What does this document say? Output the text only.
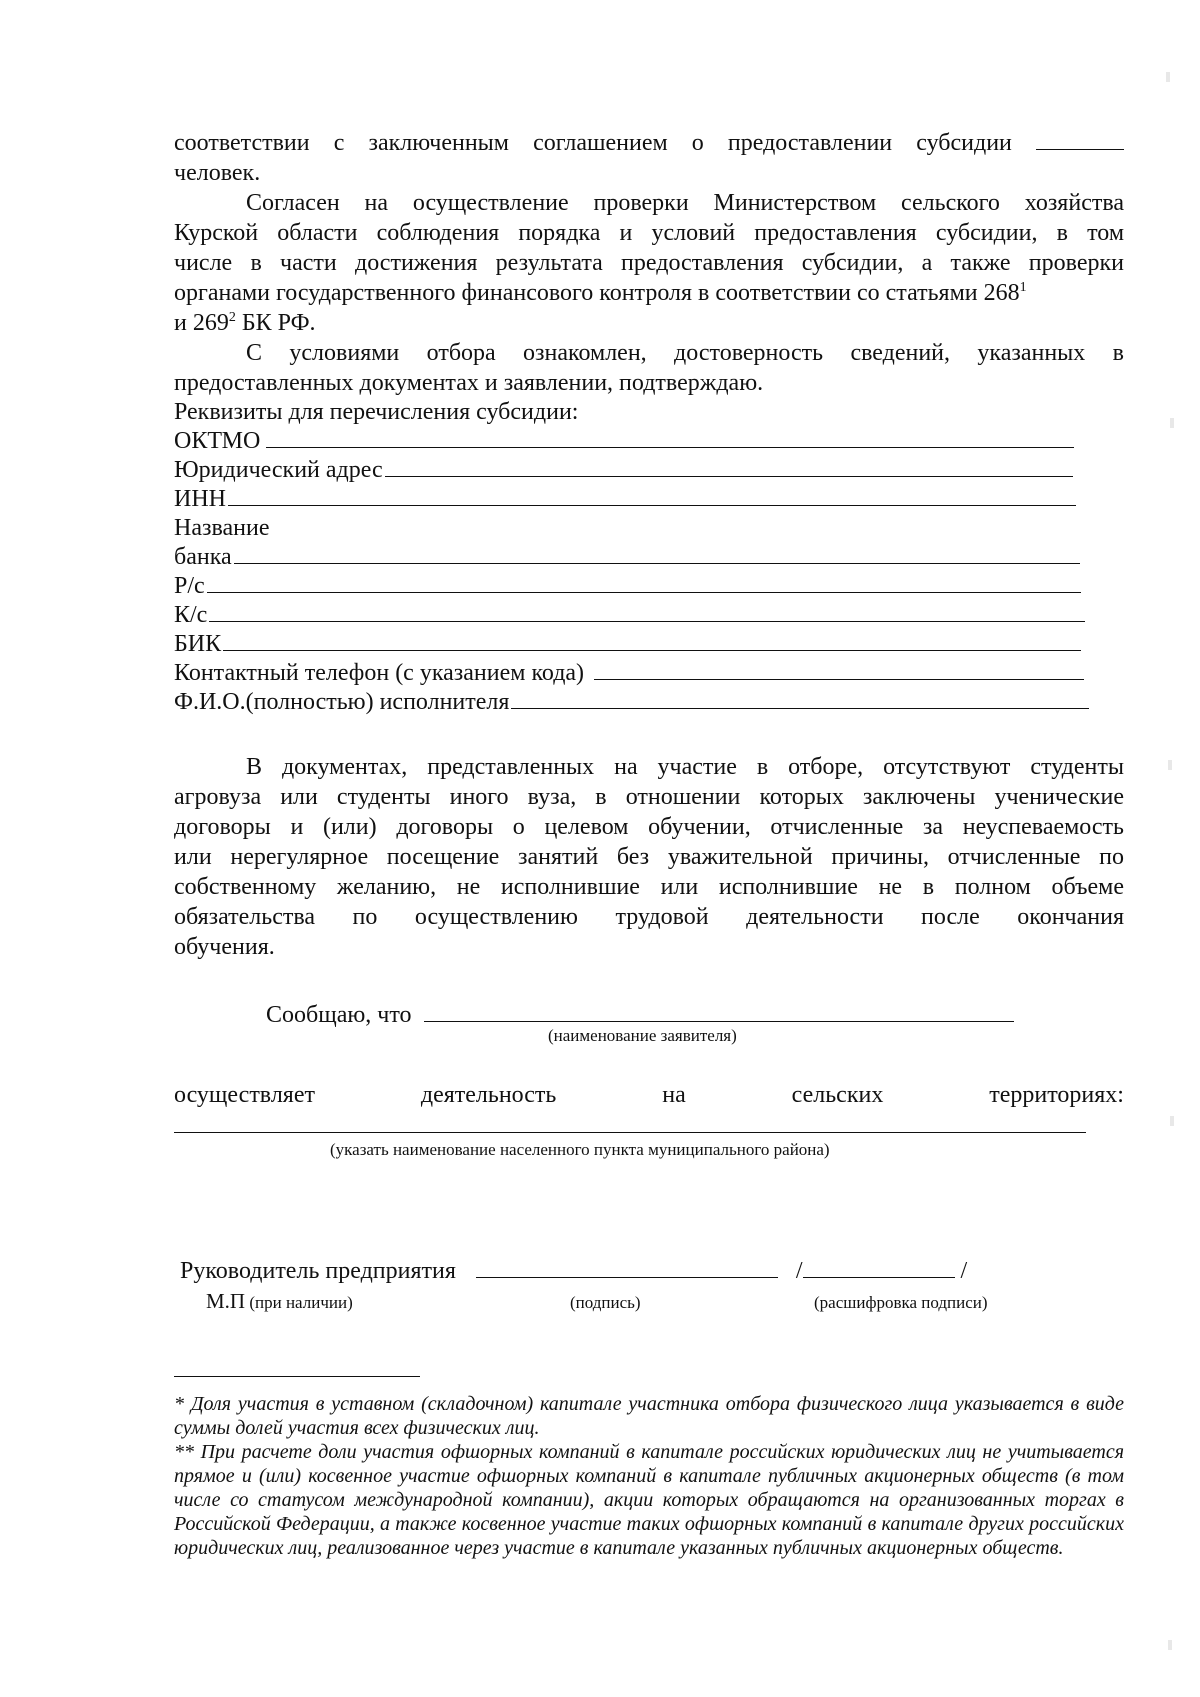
соответствии с заключенным соглашением о предоставлении субсидии
человек.
Согласен на осуществление проверки Министерством сельского хозяйства
Курской области соблюдения порядка и условий предоставления субсидии, в том
числе в части достижения результата предоставления субсидии, а также проверки
органами государственного финансового контроля в соответствии со статьями $268^1$
и $269^2$ БК РФ.
С условиями отбора ознакомлен, достоверность сведений, указанных в
предоставленных документах и заявлении, подтверждаю.
Реквизиты для перечисления субсидии:
ОКТМО
Юридический адрес
ИНН
Название
банка
Р/с
К/с
БИК
Контактный телефон (с указанием кода)
Ф.И.О.(полностью) исполнителя
В документах, представленных на участие в отборе, отсутствуют студенты
агровуза или студенты иного вуза, в отношении которых заключены ученические
договоры и (или) договоры о целевом обучении, отчисленные за неуспеваемость
или нерегулярное посещение занятий без уважительной причины, отчисленные по
собственному желанию, не исполнившие или исполнившие не в полном объеме
обязательства по осуществлению трудовой деятельности после окончания
обучения.
Сообщаю, что
(наименование заявителя)
осуществляет	деятельность	на	сельских	территориях:
(указать наименование населенного пункта муниципального района)
Руководитель предприятия	/	/
М.П (при наличии)	(подпись)	(расшифровка подписи)

* Доля участия в уставном (складочном) капитале участника отбора физического лица указывается в виде суммы долей участия всех физических лиц.

** При расчете доли участия офшорных компаний в капитале российских юридических лиц не учитывается прямое и (или) косвенное участие офшорных компаний в капитале публичных акционерных обществ (в том числе со статусом международной компании), акции которых обращаются на организованных торгах в Российской Федерации, а также косвенное участие таких офшорных компаний в капитале других российских юридических лиц, реализованное через участие в капитале указанных публичных акционерных обществ.
